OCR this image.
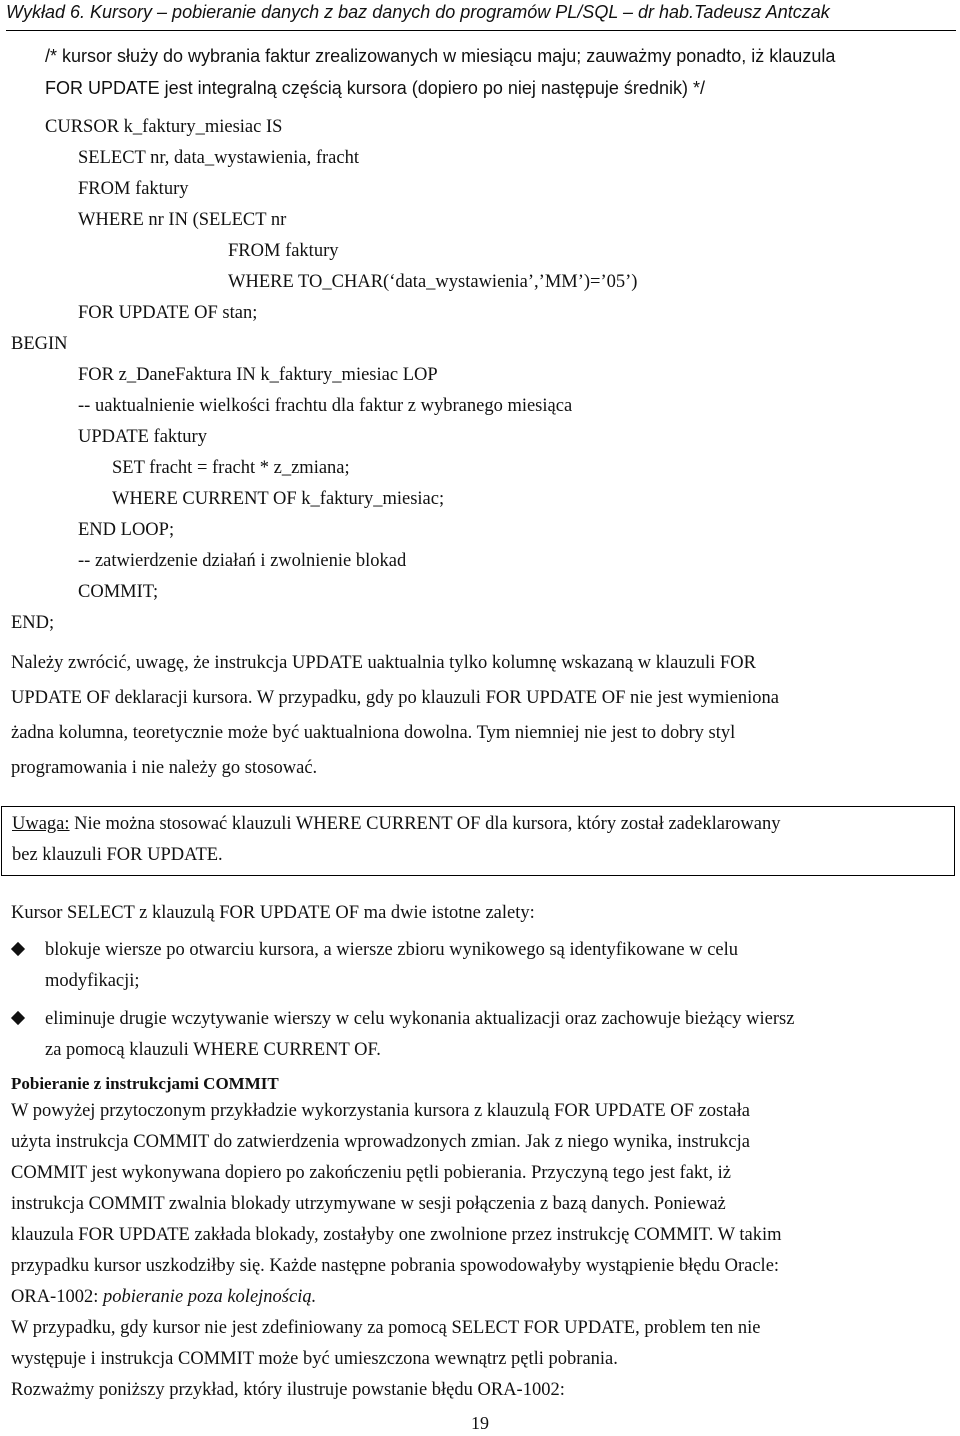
Wykład 6. Kursory – pobieranie danych z baz danych do programów PL/SQL – dr hab.Tadeusz Antczak
/* kursor służy do wybrania faktur zrealizowanych w miesiącu maju; zauważmy ponadto, iż klauzula
FOR UPDATE jest integralną częścią kursora (dopiero po niej następuje średnik) */
CURSOR k_faktury_miesiac IS
SELECT nr, data_wystawienia, fracht
FROM faktury
WHERE nr IN (SELECT nr
FROM faktury
WHERE TO_CHAR(‘data_wystawienia’,’MM’)=’05’)
FOR UPDATE OF stan;
BEGIN
FOR z_DaneFaktura IN k_faktury_miesiac LOP
-- uaktualnienie wielkości frachtu dla faktur z wybranego miesiąca
UPDATE faktury
SET fracht = fracht * z_zmiana;
WHERE CURRENT OF k_faktury_miesiac;
END LOOP;
-- zatwierdzenie działań i zwolnienie blokad
COMMIT;
END;
Należy zwrócić, uwagę, że instrukcja UPDATE uaktualnia tylko kolumnę wskazaną w klauzuli FOR
UPDATE OF deklaracji kursora. W przypadku, gdy po klauzuli FOR UPDATE OF nie jest wymieniona
żadna kolumna, teoretycznie może być uaktualniona dowolna. Tym niemniej nie jest to dobry styl
programowania i nie należy go stosować.
Uwaga: Nie można stosować klauzuli WHERE CURRENT OF dla kursora, który został zadeklarowany
bez klauzuli FOR UPDATE.
Kursor SELECT z klauzulą FOR UPDATE OF ma dwie istotne zalety:
blokuje wiersze po otwarciu kursora, a wiersze zbioru wynikowego są identyfikowane w celu
modyfikacji;
eliminuje drugie wczytywanie wierszy w celu wykonania aktualizacji oraz zachowuje bieżący wiersz
za pomocą klauzuli WHERE CURRENT OF.
Pobieranie z instrukcjami COMMIT
W powyżej przytoczonym przykładzie wykorzystania kursora z klauzulą FOR UPDATE OF została
użyta instrukcja COMMIT do zatwierdzenia wprowadzonych zmian. Jak z niego wynika, instrukcja
COMMIT jest wykonywana dopiero po zakończeniu pętli pobierania. Przyczyną tego jest fakt, iż
instrukcja COMMIT zwalnia blokady utrzymywane w sesji połączenia z bazą danych. Ponieważ
klauzula FOR UPDATE zakłada blokady, zostałyby one zwolnione przez instrukcję COMMIT. W takim
przypadku kursor uszkodziłby się. Każde następne pobrania spowodowałyby wystąpienie błędu Oracle:
ORA-1002: pobieranie poza kolejnością.
W przypadku, gdy kursor nie jest zdefiniowany za pomocą SELECT FOR UPDATE, problem ten nie
występuje i instrukcja COMMIT może być umieszczona wewnątrz pętli pobrania.
Rozważmy poniższy przykład, który ilustruje powstanie błędu ORA-1002:
19
